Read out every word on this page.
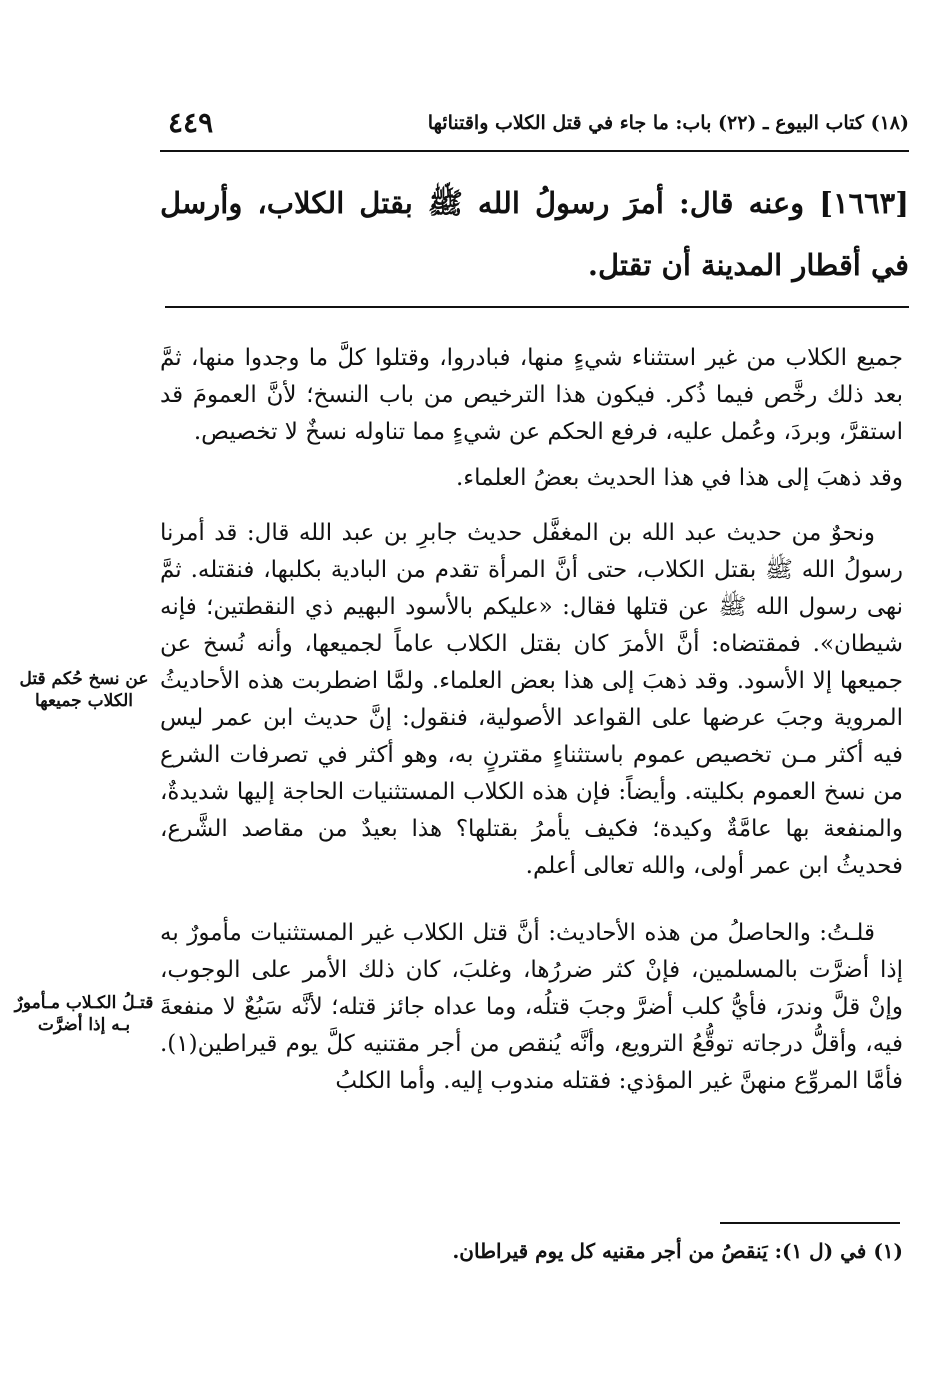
(١٨) كتاب البيوع ـ (٢٢) باب: ما جاء في قتل الكلاب واقتنائها
٤٤٩
[١٦٦٣] وعنه قال: أمرَ رسولُ الله ﷺ بقتل الكلاب، وأرسل في أقطار المدينة أن تقتل.

جميع الكلاب من غير استثناء شيءٍ منها، فبادروا، وقتلوا كلَّ ما وجدوا منها، ثمَّ بعد ذلك رخَّص فيما ذُكر. فيكون هذا الترخيص من باب النسخ؛ لأنَّ العمومَ قد استقرَّ، وبردَ، وعُمل عليه، فرفع الحكم عن شيءٍ مما تناوله نسخٌ لا تخصيص.

وقد ذهبَ إلى هذا في هذا الحديث بعضُ العلماء.

ونحوٌ من حديث عبد الله بن المغفَّل حديث جابرِ بن عبد الله قال: قد أمرنا رسولُ الله ﷺ بقتل الكلاب، حتى أنَّ المرأة تقدم من البادية بكلبها، فنقتله. ثمَّ نهى رسول الله ﷺ عن قتلها فقال: «عليكم بالأسود البهيم ذي النقطتين؛ فإنه شيطان». فمقتضاه: أنَّ الأمرَ كان بقتل الكلاب عاماً لجميعها، وأنه نُسخ عن جميعها إلا الأسود. وقد ذهبَ إلى هذا بعض العلماء. ولمَّا اضطربت هذه الأحاديثُ المروية وجبَ عرضها على القواعد الأصولية، فنقول: إنَّ حديث ابن عمر ليس فيه أكثر مـن تخصيص عموم باستثناءٍ مقترنٍ به، وهو أكثر في تصرفات الشرع من نسخ العموم بكليته. وأيضاً: فإن هذه الكلاب المستثنيات الحاجة إليها شديدةٌ، والمنفعة بها عامَّةٌ وكيدة؛ فكيف يأمرُ بقتلها؟ هذا بعيدٌ من مقاصد الشَّرع، فحديثُ ابن عمر أولى، والله تعالى أعلم.

قلـتُ: والحاصلُ من هذه الأحاديث: أنَّ قتل الكلاب غير المستثنيات مأمورٌ به إذا أضرَّت بالمسلمين، فإنْ كثر ضررُها، وغلبَ، كان ذلك الأمر على الوجوب، وإنْ قلَّ وندرَ، فأيُّ كلب أضرَّ وجبَ قتلُه، وما عداه جائز قتله؛ لأنَّه سَبُعٌ لا منفعةَ فيه، وأقلُّ درجاته توقُّعُ الترويع، وأنَّه يُنقص من أجر مقتنيه كلَّ يوم قيراطين(١). فأمَّا المروِّع منهنَّ غير المؤذي: فقتله مندوب إليه. وأما الكلبُ

عن نسخ حُكم قتل الكلاب جميعها
قتـلُ الكـلاب مـأمورٌ بـه إذا أضرَّت
(١) في (ل ١): يَنقصُ من أجر مقنيه كل يوم قيراطان.
